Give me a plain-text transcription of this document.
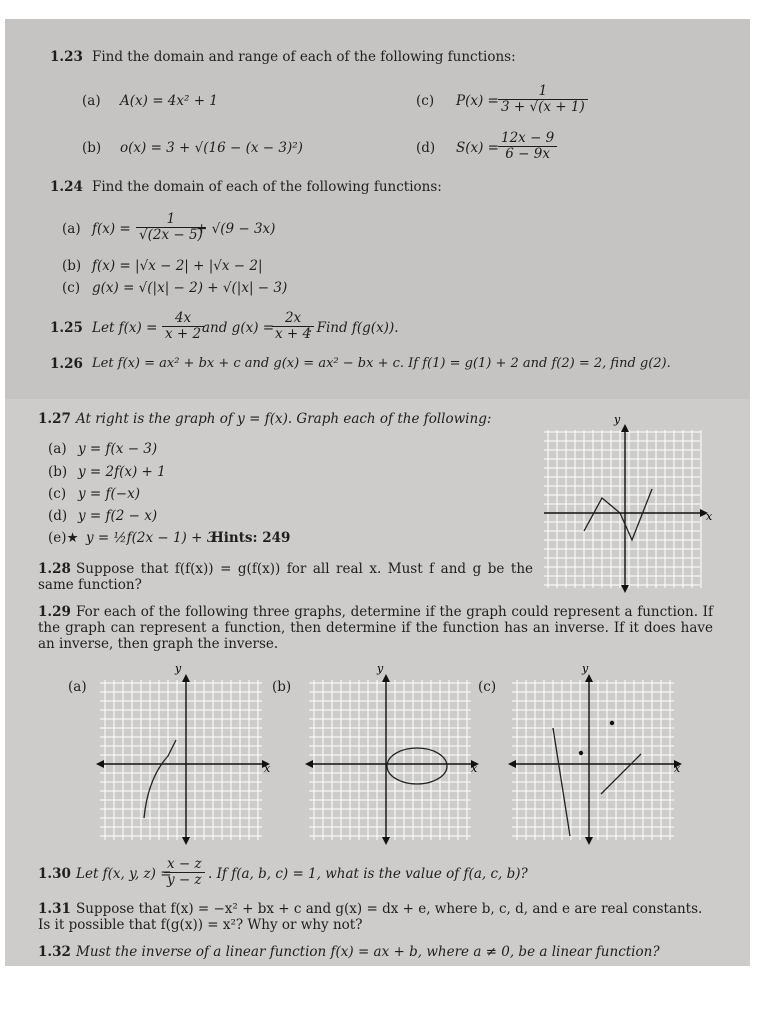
1.23 Find the domain and range of each of the following functions:
(a) A(x) = 4x² + 1
(b) o(x) = 3 + √(16 − (x − 3)²)
(c) $P(x) = \frac{1}{3 + √(x + 1)}$
(d) $S(x) = \frac{12x - 9}{6 - 9x}$
1.24 Find the domain of each of the following functions:
(a) $f(x) = \frac{1}{√(2x - 5)}$
+ √(9 − 3x)
(b) f(x) = |√x − 2| + |√x − 2|
(c) g(x) = √(|x| − 2) + √(|x| − 3)
1.25 Let $f(x) = \frac{4x}{x + 2}$
and g(x) =
$\frac{2x}{x + 4}$
. Find f(g(x)).
1.26 Let f(x) = ax² + bx + c and g(x) = ax² − bx + c. If f(1) = g(1) + 2 and f(2) = 2, find g(2).
1.27 At right is the graph of y = f(x). Graph each of the following:
(a) y = f(x − 3)
(b) y = 2f(x) + 1
(c) y = f(−x)
(d) y = f(2 − x)
(e)★ y = ½f(2x − 1) + 3
Hints: 249
x
y
1.28 Suppose that f(f(x)) = g(f(x)) for all real x. Must f and g be the same function?
1.29 For each of the following three graphs, determine if the graph could represent a function. If the graph can represent a function, then determine if the function has an inverse. If it does have an inverse, then graph the inverse.
(a)	(b)	(c)
x
y
x
y
x
y
1.30 Let f(x, y, z) =
$\frac{x - z}{y - z}$ . If f(a, b, c) = 1, what is the value of f(a, c, b)?
1.31 Suppose that f(x) = −x² + bx + c and g(x) = dx + e, where b, c, d, and e are real constants. Is it possible that f(g(x)) = x²? Why or why not?
1.32 Must the inverse of a linear function f(x) = ax + b, where a ≠ 0, be a linear function?
